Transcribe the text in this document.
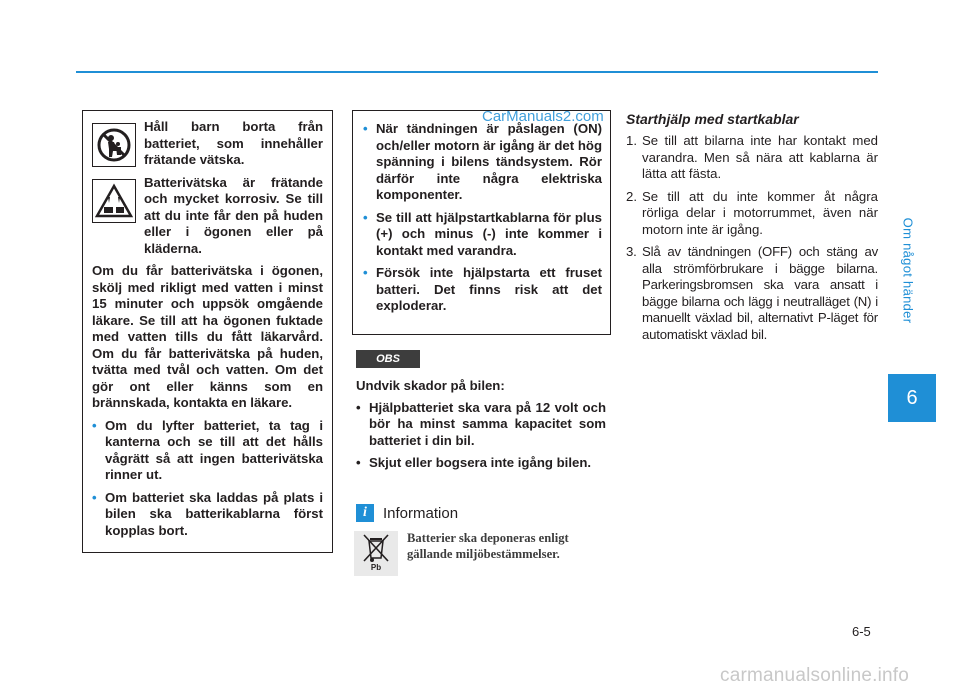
Om något händer
6
CarManuals2.com
Håll barn borta från batteriet, som innehåller frätande vätska.
Batterivätska är frätande och mycket korrosiv. Se till att du inte får den på huden eller i ögonen eller på kläderna.

Om du får batterivätska i ögonen, skölj med rikligt med vatten i minst 15 minuter och uppsök omgående läkare. Se till att ha ögonen fuktade med vatten tills du fått läkarvård. Om du får batterivätska på huden, tvätta med tvål och vatten. Om det gör ont eller känns som en brännskada, kontakta en läkare.

• Om du lyfter batteriet, ta tag i kanterna och se till att det hålls vågrätt så att ingen batterivätska rinner ut.
• Om batteriet ska laddas på plats i bilen ska batterikablarna först kopplas bort.
• När tändningen är påslagen (ON) och/eller motorn är igång är det hög spänning i bilens tändsystem. Rör därför inte några elektriska komponenter.
• Se till att hjälpstartkablarna för plus (+) och minus (-) inte kommer i kontakt med varandra.
• Försök inte hjälpstarta ett fruset batteri. Det finns risk att det exploderar.
OBS
Undvik skador på bilen:
• Hjälpbatteriet ska vara på 12 volt och bör ha minst samma kapacitet som batteriet i din bil.
• Skjut eller bogsera inte igång bilen.
i	Information
Pb
Batterier ska deponeras enligt gällande miljöbestämmelser.
Starthjälp med startkablar
1. Se till att bilarna inte har kontakt med varandra. Men så nära att kablarna är lätta att fästa.
2. Se till att du inte kommer åt några rörliga delar i motorrummet, även när motorn inte är igång.
3. Slå av tändningen (OFF) och stäng av alla strömförbrukare i bägge bilarna. Parkeringsbromsen ska vara ansatt i bägge bilarna och lägg i neutralläget (N) i manuellt växlad bil, alternativt P-läget för automatiskt växlad bil.
6-5
carmanualsonline.info
